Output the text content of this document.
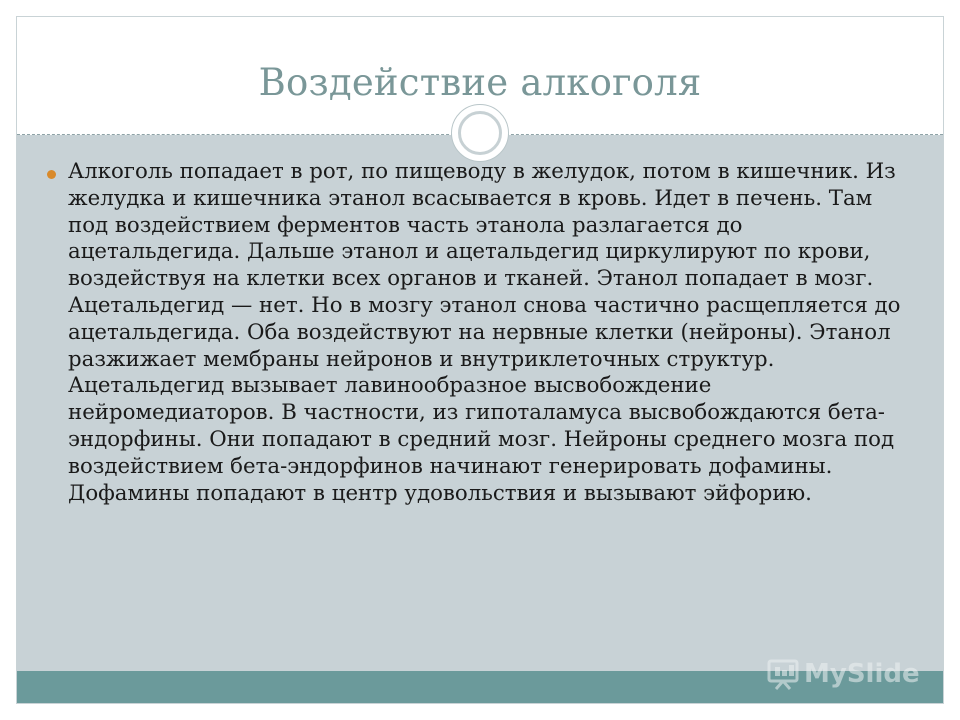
Воздействие алкоголя

Алкоголь попадает в рот, по пищеводу в желудок, потом в кишечник. Из желудка и кишечника этанол всасывается в кровь. Идет в печень. Там под воздействием ферментов часть этанола разлагается до ацетальдегида. Дальше этанол и ацетальдегид циркулируют по крови, воздействуя на клетки всех органов и тканей. Этанол попадает в мозг. Ацетальдегид — нет. Но в мозгу этанол снова частично расщепляется до ацетальдегида. Оба воздействуют на нервные клетки (нейроны). Этанол разжижает мембраны нейронов и внутриклеточных структур. Ацетальдегид вызывает лавинообразное высвобождение нейромедиаторов. В частности, из гипоталамуса высвобождаются бета-эндорфины. Они попадают в средний мозг. Нейроны среднего мозга под воздействием бета-эндорфинов начинают генерировать дофамины. Дофамины попадают в центр удовольствия и вызывают эйфорию.

MySlide
